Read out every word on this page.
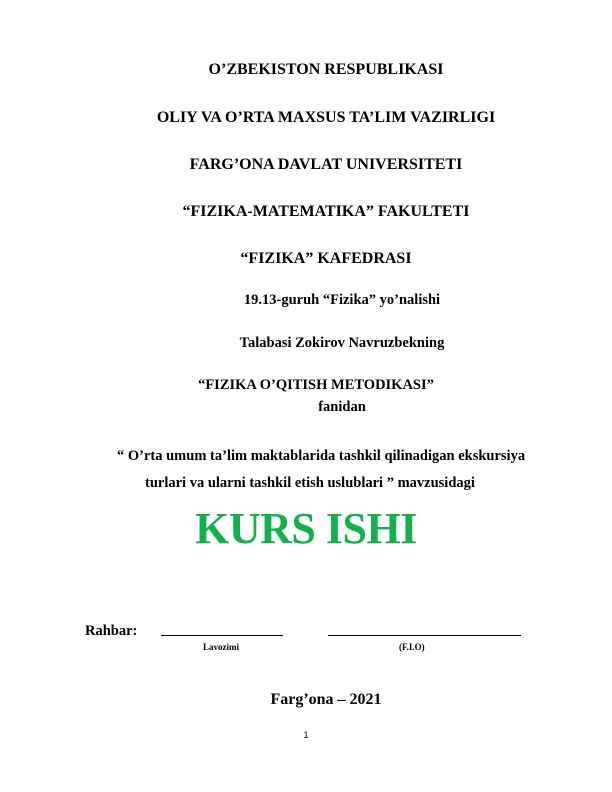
O’ZBEKISTON RESPUBLIKASI
OLIY VA O’RTA MAXSUS TA’LIM VAZIRLIGI
FARG’ONA DAVLAT UNIVERSITETI
“FIZIKA-MATEMATIKA” FAKULTETI
“FIZIKA” KAFEDRASI
19.13-guruh “Fizika” yo’nalishi
Talabasi Zokirov Navruzbekning
“FIZIKA O’QITISH METODIKASI”
fanidan
“ O’rta umum ta’lim maktablarida tashkil qilinadigan ekskursiya
turlari va ularni tashkil etish uslublari ” mavzusidagi
KURS ISHI
Rahbar:
Lavozimi	(F.I.O)
Farg’ona – 2021
1
